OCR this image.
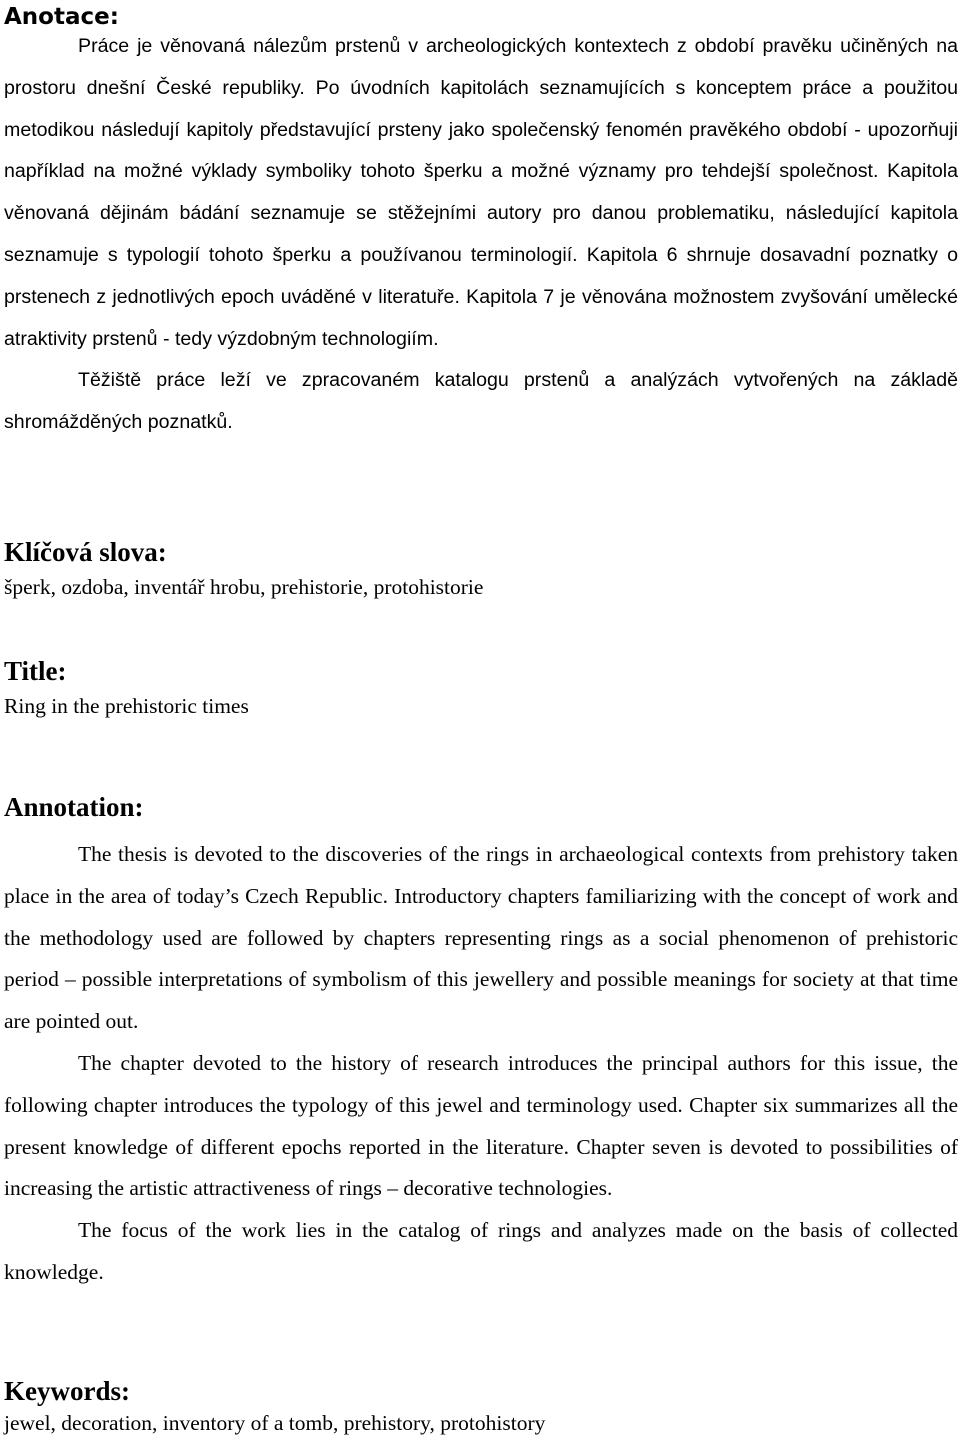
Anotace:

Práce je věnovaná nálezům prstenů v archeologických kontextech z období pravěku učiněných na prostoru dnešní České republiky. Po úvodních kapitolách seznamujících s konceptem práce a použitou metodikou následují kapitoly představující prsteny jako společenský fenomén pravěkého období - upozorňuji například na možné výklady symboliky tohoto šperku a možné významy pro tehdejší společnost. Kapitola věnovaná dějinám bádání seznamuje se stěžejními autory pro danou problematiku, následující kapitola seznamuje s typologií tohoto šperku a používanou terminologií. Kapitola 6 shrnuje dosavadní poznatky o prstenech z jednotlivých epoch uváděné v literatuře. Kapitola 7 je věnována možnostem zvyšování umělecké atraktivity prstenů - tedy výzdobným technologiím.

Těžiště práce leží ve zpracovaném katalogu prstenů a analýzách vytvořených na základě shromážděných poznatků.

Klíčová slova:

šperk, ozdoba, inventář hrobu, prehistorie, protohistorie

Title:

Ring in the prehistoric times

Annotation:

The thesis is devoted to the discoveries of the rings in archaeological contexts from prehistory taken place in the area of today’s Czech Republic. Introductory chapters familiarizing with the concept of work and the methodology used are followed by chapters representing rings as a social phenomenon of prehistoric period – possible interpretations of symbolism of this jewellery and possible meanings for society at that time are pointed out.

The chapter devoted to the history of research introduces the principal authors for this issue, the following chapter introduces the typology of this jewel and terminology used. Chapter six summarizes all the present knowledge of different epochs reported in the literature. Chapter seven is devoted to possibilities of increasing the artistic attractiveness of rings – decorative technologies.

The focus of the work lies in the catalog of rings and analyzes made on the basis of collected knowledge.

Keywords:

jewel, decoration, inventory of a tomb, prehistory, protohistory
